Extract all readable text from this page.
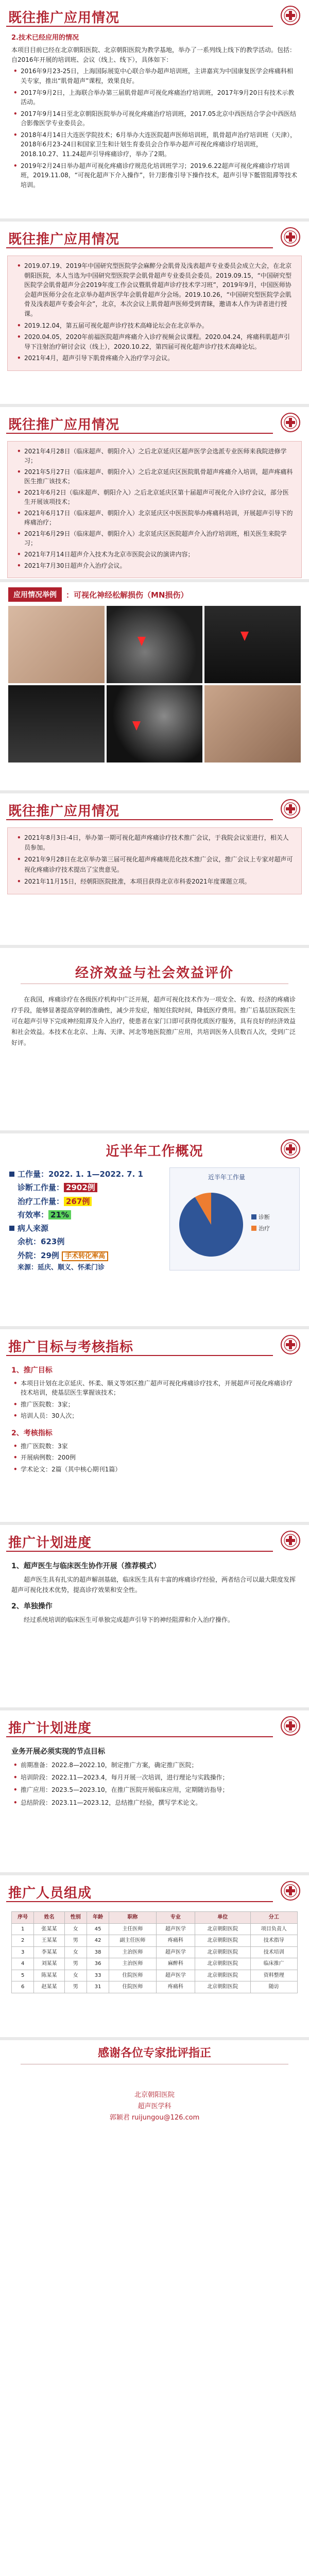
既往推广应用情况
2.技术已经应用的情况

本项目目前已经在北京朝阳医院、北京朝阳医院为教学基地，举办了一系列线上线下的教学活动。包括：自2016年开展的培训班、会议（线上、线下），具体如下：

• 2016年9月23-25日，上海国际展览中心联合举办超声培训班，主讲嘉宾为中国康复医学会疼痛科相关专家，推出“肌骨超声”课程，效果良好。
• 2017年9月2日，上海联合举办第三届肌骨超声可视化疼痛治疗培训班，2017年9月20日有技术示教活动。
• 2017年9月14日至北京朝阳医院举办可视化疼痛治疗培训班，2017.05北京中西医结合学会中西医结合影像医学专业委员会。
• 2018年4月14日大连医学院技术；6月举办大连医院超声医师培训班，肌骨超声治疗培训班（天津），2018年6月23-24日和国家卫生和计划生育委员会合作举办超声可视化疼痛诊疗培训班，2018.10.27、11.24超声引导疼痛诊疗，举办了2期。
• 2019年2月24日举办超声可视化疼痛诊疗规范化培训班学习；2019.6.22超声可视化疼痛诊疗培训班，2019.11.08，“可视化超声下介入操作”，针刀影像引导下操作技术，超声引导下骶管阻滞等技术培训。
既往推广应用情况
• 2019.07.19、2019年中国研究型医院学会麻醉分会肌骨及浅表超声专业委员会成立大会，在北京朝阳医院，本人当选为中国研究型医院学会肌骨超声专业委员会委员。2019.09.15，“中国研究型医院学会肌骨超声分会2019年度工作会议暨肌骨超声诊疗技术学习班”，2019年9月，中国医师协会超声医师分会在北京举办超声医学年会肌骨超声分会场。2019.10.26，“中国研究型医院学会肌骨及浅表超声专委会年会”，北京，本次会议上肌骨超声医师受到青睐，邀请本人作为讲者进行授课。
• 2019.12.04，第五届可视化超声诊疗技术高峰论坛会在北京举办。
• 2020.04.05，2020年前福医院超声疼痛介入诊疗视频会议课程。2020.04.24，疼痛科肌超声引导下注射治疗研讨会议（线上），2020.10.22，第四届可视化超声诊疗技术高峰论坛。
• 2021年4月，超声引导下肌骨疼痛介入治疗学习会议。
既往推广应用情况
• 2021年4月28日（临床超声、朝阳介入）之后北京延庆区超声医学会选派专业医师来我院进修学习；
• 2021年5月27日（临床超声、朝阳介入）之后北京延庆区医院肌骨超声疼痛介入培训，超声疼痛科医生推广该技术；
• 2021年6月2日（临床超声、朝阳介入）之后北京延庆区第十届超声可视化介入诊疗会议，部分医生开展该项技术；
• 2021年6月17日（临床超声、朝阳介入）北京延庆区中医医院举办疼痛科培训，开展超声引导下的疼痛治疗；
• 2021年6月29日（临床超声、朝阳介入）北京延庆区医院超声介入治疗培训班，相关医生来院学习；
• 2021年7月14日超声介入技术为北京市医院会议的演讲内容；
• 2021年7月30日超声介入治疗会议。
应用情况举例	：可视化神经松解损伤（MN损伤）
既往推广应用情况
• 2021年8月3日-4日，举办第一期可视化超声疼痛诊疗技术推广会议，于我院会议室进行，相关人员参加。
• 2021年9月28日在北京举办第三届可视化超声疼痛规范化技术推广会议，推广会议上专家对超声可视化疼痛诊疗技术提出了宝贵意见。
• 2021年11月15日，经朝阳医院批准，本项目获得北京市科委2021年度课题立项。
经济效益与社会效益评价

在我国，疼痛诊疗在各级医疗机构中广泛开展，超声可视化技术作为一项安全、有效、经济的疼痛诊疗手段，能够显著提高穿刺的准确性，减少并发症，缩短住院时间，降低医疗费用。推广后基层医院医生可在超声引导下完成神经阻滞及介入治疗，使患者在家门口即可获得优质医疗服务，具有良好的经济效益和社会效益。本技术在北京、上海、天津、河北等地医院推广应用，共培训医务人员数百人次，受到广泛好评。

近半年工作概况
工作量：2022. 1. 1—2022. 7. 1
诊断工作量： 2902例
治疗工作量： 267例
有效率： 21%
病人来源
余杭：623例
外院：29例 手术转化率高
来源：延庆、顺义、怀柔门诊
近半年工作量
诊断
治疗
推广目标与考核指标
1、推广目标
• 本项目计划在北京延庆、怀柔、顺义等郊区推广超声可视化疼痛诊疗技术，开展超声可视化疼痛诊疗技术培训，使基层医生掌握该技术；
• 推广医院数：3家；
• 培训人员：30人次；
2、考核指标
• 推广医院数：3家
• 开展病例数：200例
• 学术论文：2篇（其中核心期刊1篇）
推广计划进度
1、超声医生与临床医生协作开展（推荐模式）

超声医生具有扎实的超声解剖基础，临床医生具有丰富的疼痛诊疗经验，两者结合可以最大限度发挥超声可视化技术优势，提高诊疗效果和安全性。

2、单独操作

经过系统培训的临床医生可单独完成超声引导下的神经阻滞和介入治疗操作。

推广计划进度
业务开展必须实现的节点目标
• 前期准备：2022.8—2022.10，制定推广方案，确定推广医院；
• 培训阶段：2022.11—2023.4，每月开展一次培训，进行理论与实践操作；
• 推广应用：2023.5—2023.10，在推广医院开展临床应用，定期随访指导；
• 总结阶段：2023.11—2023.12，总结推广经验，撰写学术论文。
推广人员组成
序号	姓名	性别	年龄	职称	专业	单位	分工
1	张某某	女	45	主任医师	超声医学	北京朝阳医院	项目负责人
2	王某某	男	42	副主任医师	疼痛科	北京朝阳医院	技术指导
3	李某某	女	38	主治医师	超声医学	北京朝阳医院	技术培训
4	刘某某	男	36	主治医师	麻醉科	北京朝阳医院	临床推广
5	陈某某	女	33	住院医师	超声医学	北京朝阳医院	资料整理
6	赵某某	男	31	住院医师	疼痛科	北京朝阳医院	随访
感谢各位专家批评指正
北京朝阳医院
超声医学科
郭颖君 ruijungou@126.com
